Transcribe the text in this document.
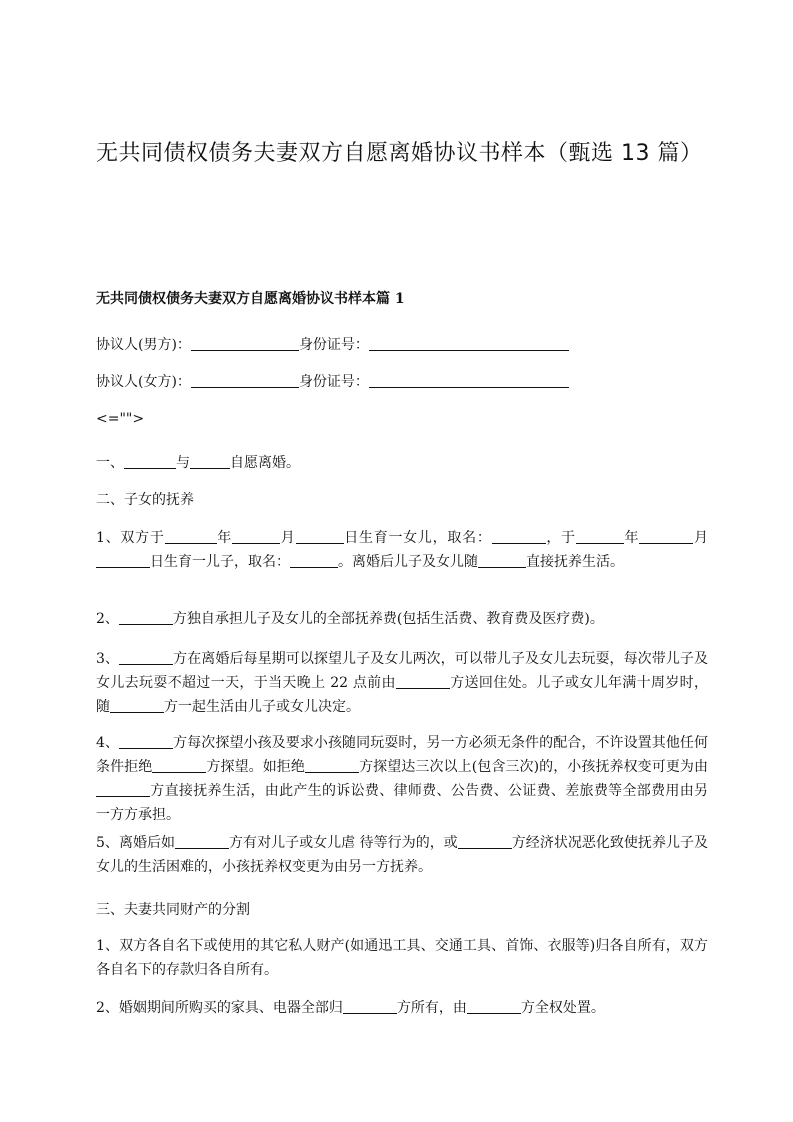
无共同债权债务夫妻双方自愿离婚协议书样本（甄选 13 篇）
无共同债权债务夫妻双方自愿离婚协议书样本篇 1
协议人(男方)：	身份证号：
协议人(女方)：	身份证号：
<="">
一、	与	自愿离婚。
二、子女的抚养
1、双方于	年	月	日生育一女儿，取名：	，于	年	月日生育一儿子，取名：	。离婚后儿子及女儿随	直接抚养生活。
2、	方独自承担儿子及女儿的全部抚养费(包括生活费、教育费及医疗费)。
3、	方在离婚后每星期可以探望儿子及女儿两次，可以带儿子及女儿去玩耍，每次带儿子及女儿去玩耍不超过一天，于当天晚上 22 点前由	方送回住处。儿子或女儿年满十周岁时，随	方一起生活由儿子或女儿决定。
4、	方每次探望小孩及要求小孩随同玩耍时，另一方必须无条件的配合，不许设置其他任何条件拒绝	方探望。如拒绝	方探望达三次以上(包含三次)的，小孩抚养权变可更为由方直接抚养生活，由此产生的诉讼费、律师费、公告费、公证费、差旅费等全部费用由另一方方承担。
5、离婚后如	方有对儿子或女儿虐 待等行为的，或	方经济状况恶化致使抚养儿子及女儿的生活困难的，小孩抚养权变更为由另一方抚养。
三、夫妻共同财产的分割
1、双方各自名下或使用的其它私人财产(如通迅工具、交通工具、首饰、衣服等)归各自所有，双方各自名下的存款归各自所有。
2、婚姻期间所购买的家具、电器全部归	方所有，由	方全权处置。
